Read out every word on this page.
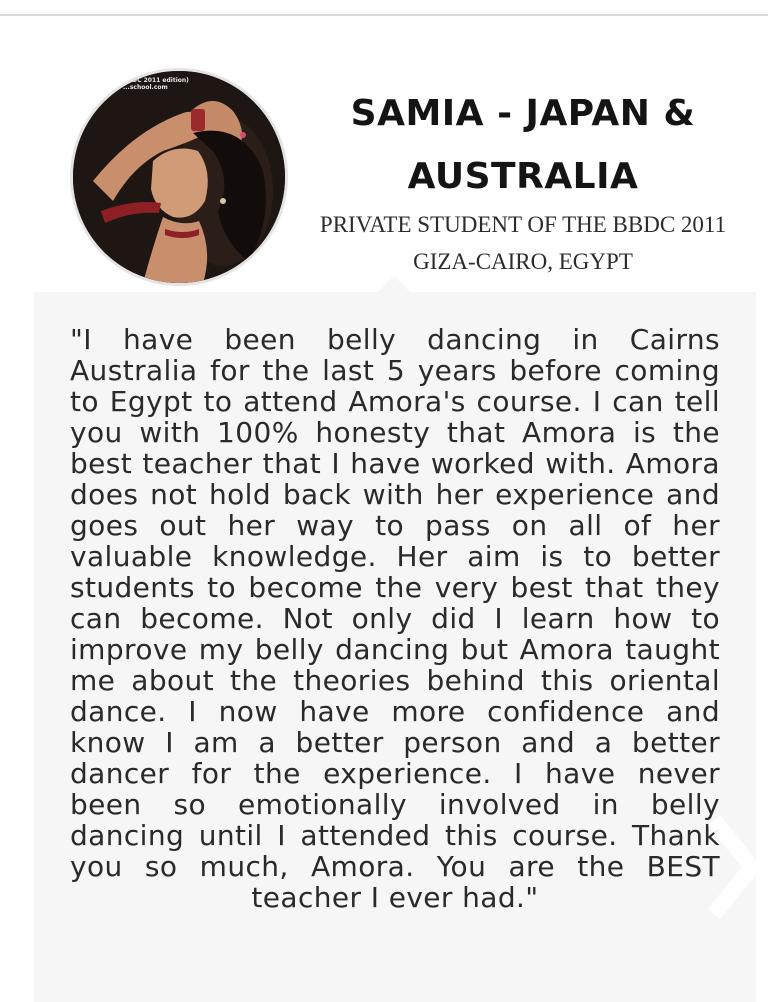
BBDC 2011 edition)
...school.com
SAMIA - JAPAN & AUSTRALIA
PRIVATE STUDENT OF THE BBDC 2011 GIZA-CAIRO, EGYPT
"I have been belly dancing in Cairns Australia for the last 5 years before coming to Egypt to attend Amora's course. I can tell you with 100% honesty that Amora is the best teacher that I have worked with. Amora does not hold back with her experience and goes out her way to pass on all of her valuable knowledge. Her aim is to better students to become the very best that they can become. Not only did I learn how to improve my belly dancing but Amora taught me about the theories behind this oriental dance. I now have more confidence and know I am a better person and a better dancer for the experience. I have never been so emotionally involved in belly dancing until I attended this course. Thank you so much, Amora. You are the BEST teacher I ever had."
